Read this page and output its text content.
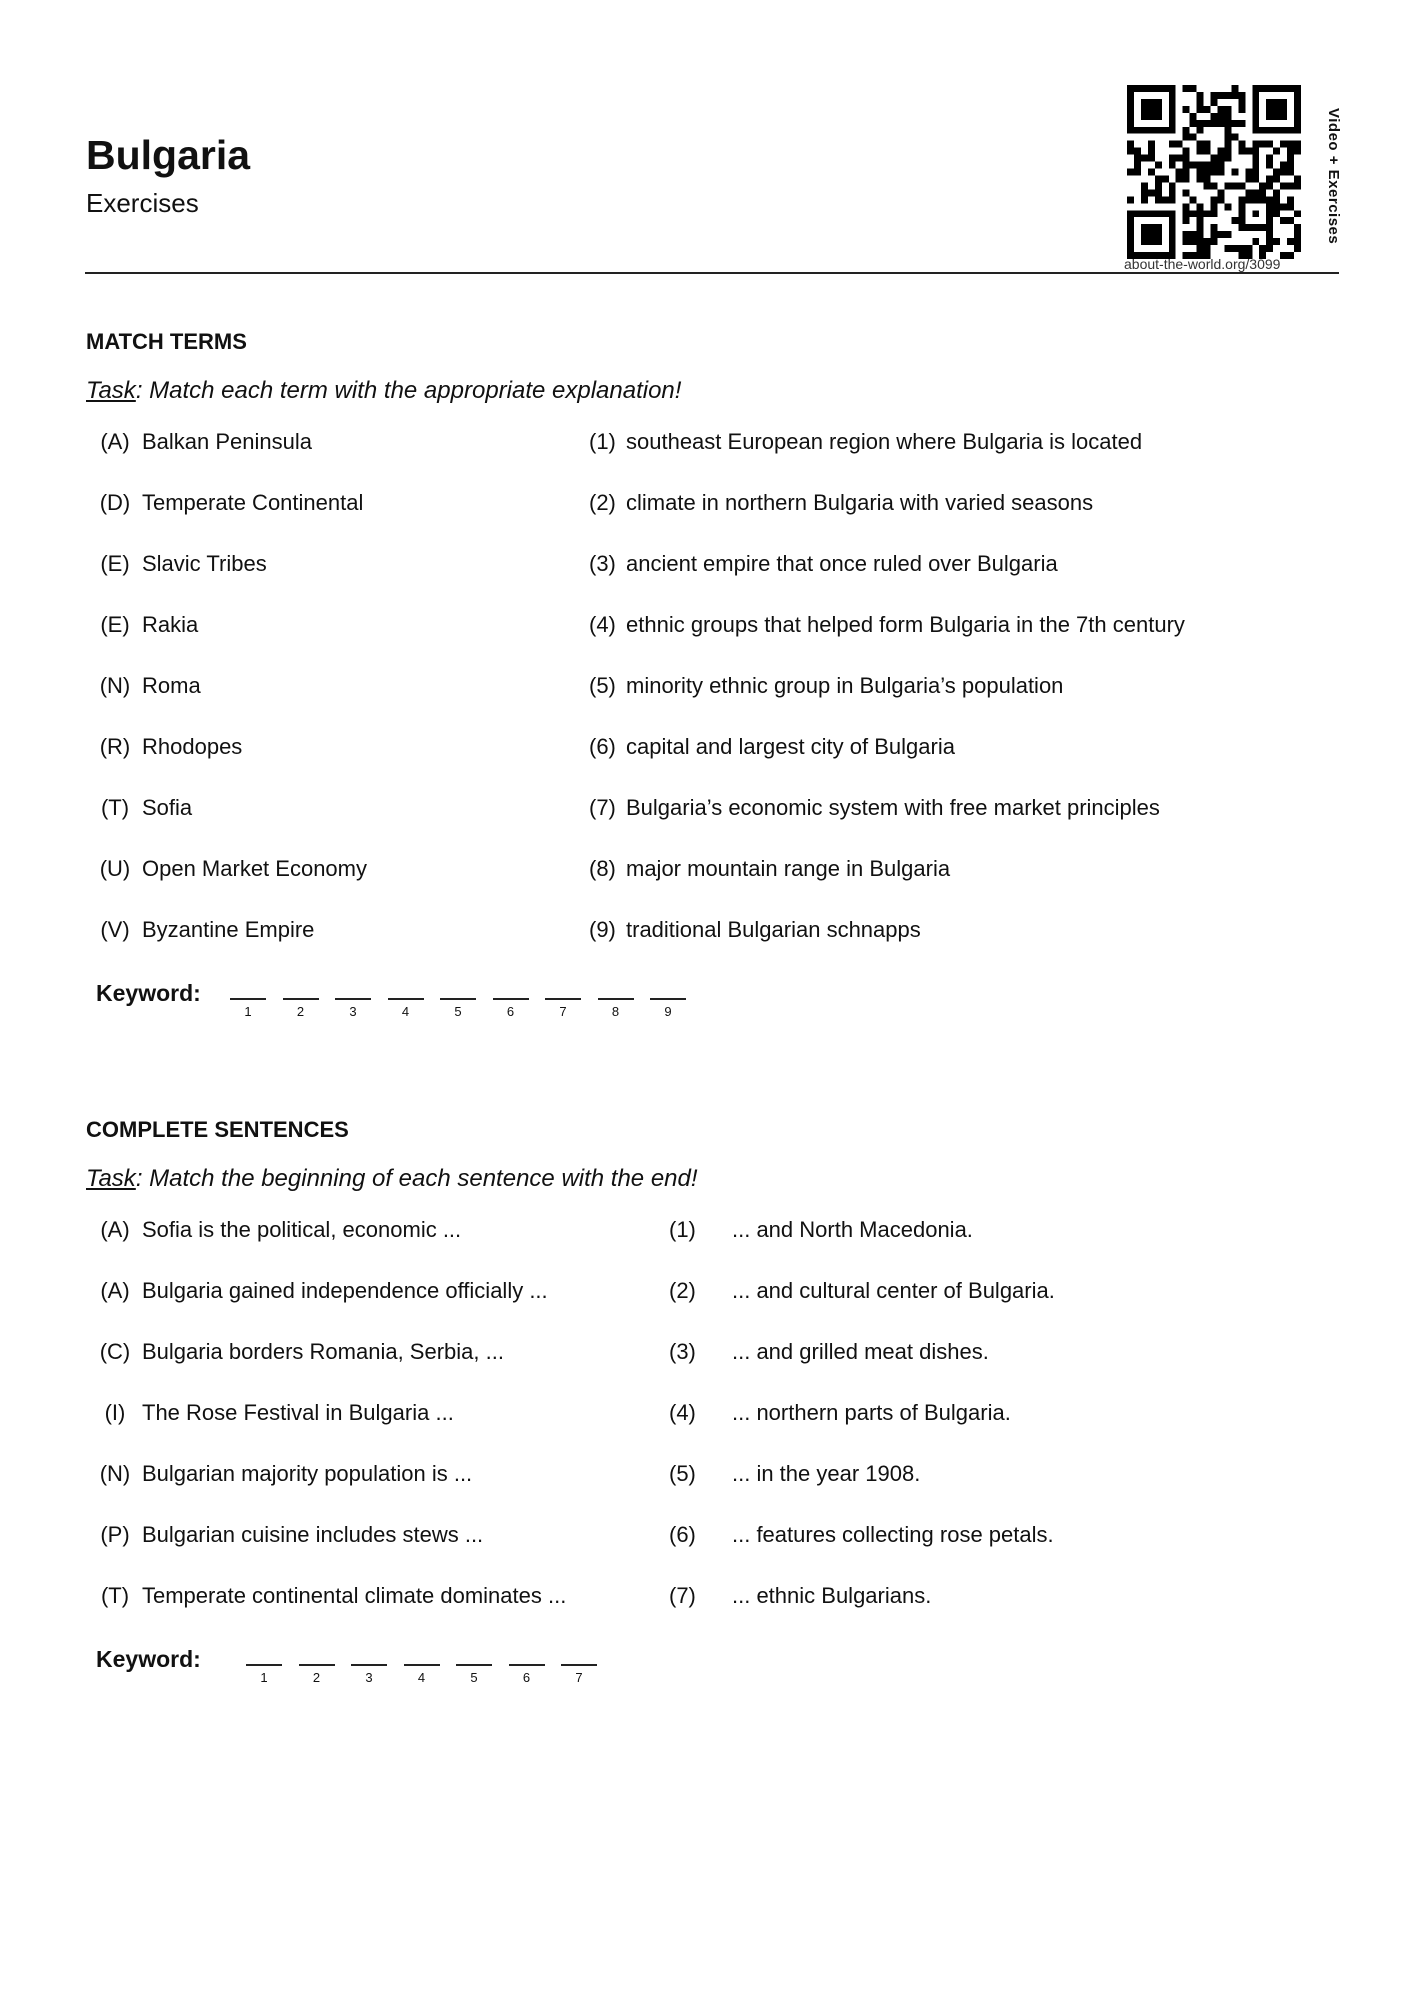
Bulgaria
Exercises
about-the-world.org/3099
Video + Exercises
MATCH TERMS
Task: Match each term with the appropriate explanation!
(A) Balkan Peninsula	(1) southeast European region where Bulgaria is located
(D) Temperate Continental	(2) climate in northern Bulgaria with varied seasons
(E) Slavic Tribes	(3) ancient empire that once ruled over Bulgaria
(E) Rakia	(4) ethnic groups that helped form Bulgaria in the 7th century
(N) Roma	(5) minority ethnic group in Bulgaria’s population
(R) Rhodopes	(6) capital and largest city of Bulgaria
(T) Sofia	(7) Bulgaria’s economic system with free market principles
(U) Open Market Economy	(8) major mountain range in Bulgaria
(V) Byzantine Empire	(9) traditional Bulgarian schnapps
Keyword:
1	2	3	4	5	6	7	8	9
COMPLETE SENTENCES
Task: Match the beginning of each sentence with the end!
(A) Sofia is the political, economic ...	(1) ... and North Macedonia.
(A) Bulgaria gained independence officially ...	(2) ... and cultural center of Bulgaria.
(C) Bulgaria borders Romania, Serbia, ...	(3) ... and grilled meat dishes.
(I) The Rose Festival in Bulgaria ...	(4) ... northern parts of Bulgaria.
(N) Bulgarian majority population is ...	(5) ... in the year 1908.
(P) Bulgarian cuisine includes stews ...	(6) ... features collecting rose petals.
(T) Temperate continental climate dominates ...	(7) ... ethnic Bulgarians.
Keyword:
1	2	3	4	5	6	7
